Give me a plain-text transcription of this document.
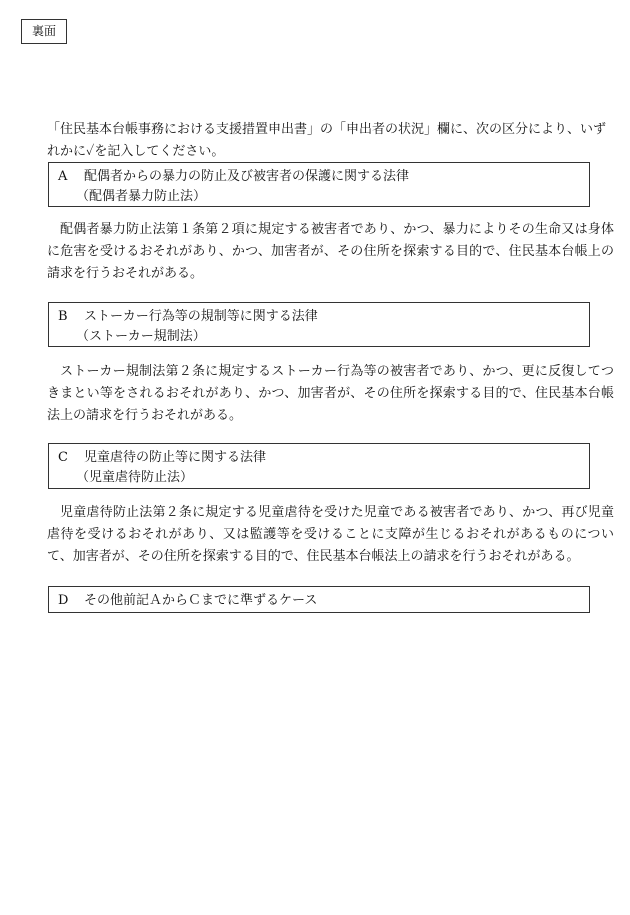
裏面

「住民基本台帳事務における支援措置申出書」の「申出者の状況」欄に、次の区分により、いずれかに✓を記入してください。

A	配偶者からの暴力の防止及び被害者の保護に関する法律
（配偶者暴力防止法）

配偶者暴力防止法第１条第２項に規定する被害者であり、かつ、暴力によりその生命又は身体に危害を受けるおそれがあり、かつ、加害者が、その住所を探索する目的で、住民基本台帳上の請求を行うおそれがある。

B	ストーカー行為等の規制等に関する法律
（ストーカー規制法）

ストーカー規制法第２条に規定するストーカー行為等の被害者であり、かつ、更に反復してつきまとい等をされるおそれがあり、かつ、加害者が、その住所を探索する目的で、住民基本台帳法上の請求を行うおそれがある。

C	児童虐待の防止等に関する法律
（児童虐待防止法）

児童虐待防止法第２条に規定する児童虐待を受けた児童である被害者であり、かつ、再び児童虐待を受けるおそれがあり、又は監護等を受けることに支障が生じるおそれがあるものについて、加害者が、その住所を探索する目的で、住民基本台帳法上の請求を行うおそれがある。

D	その他前記ＡからＣまでに準ずるケース
